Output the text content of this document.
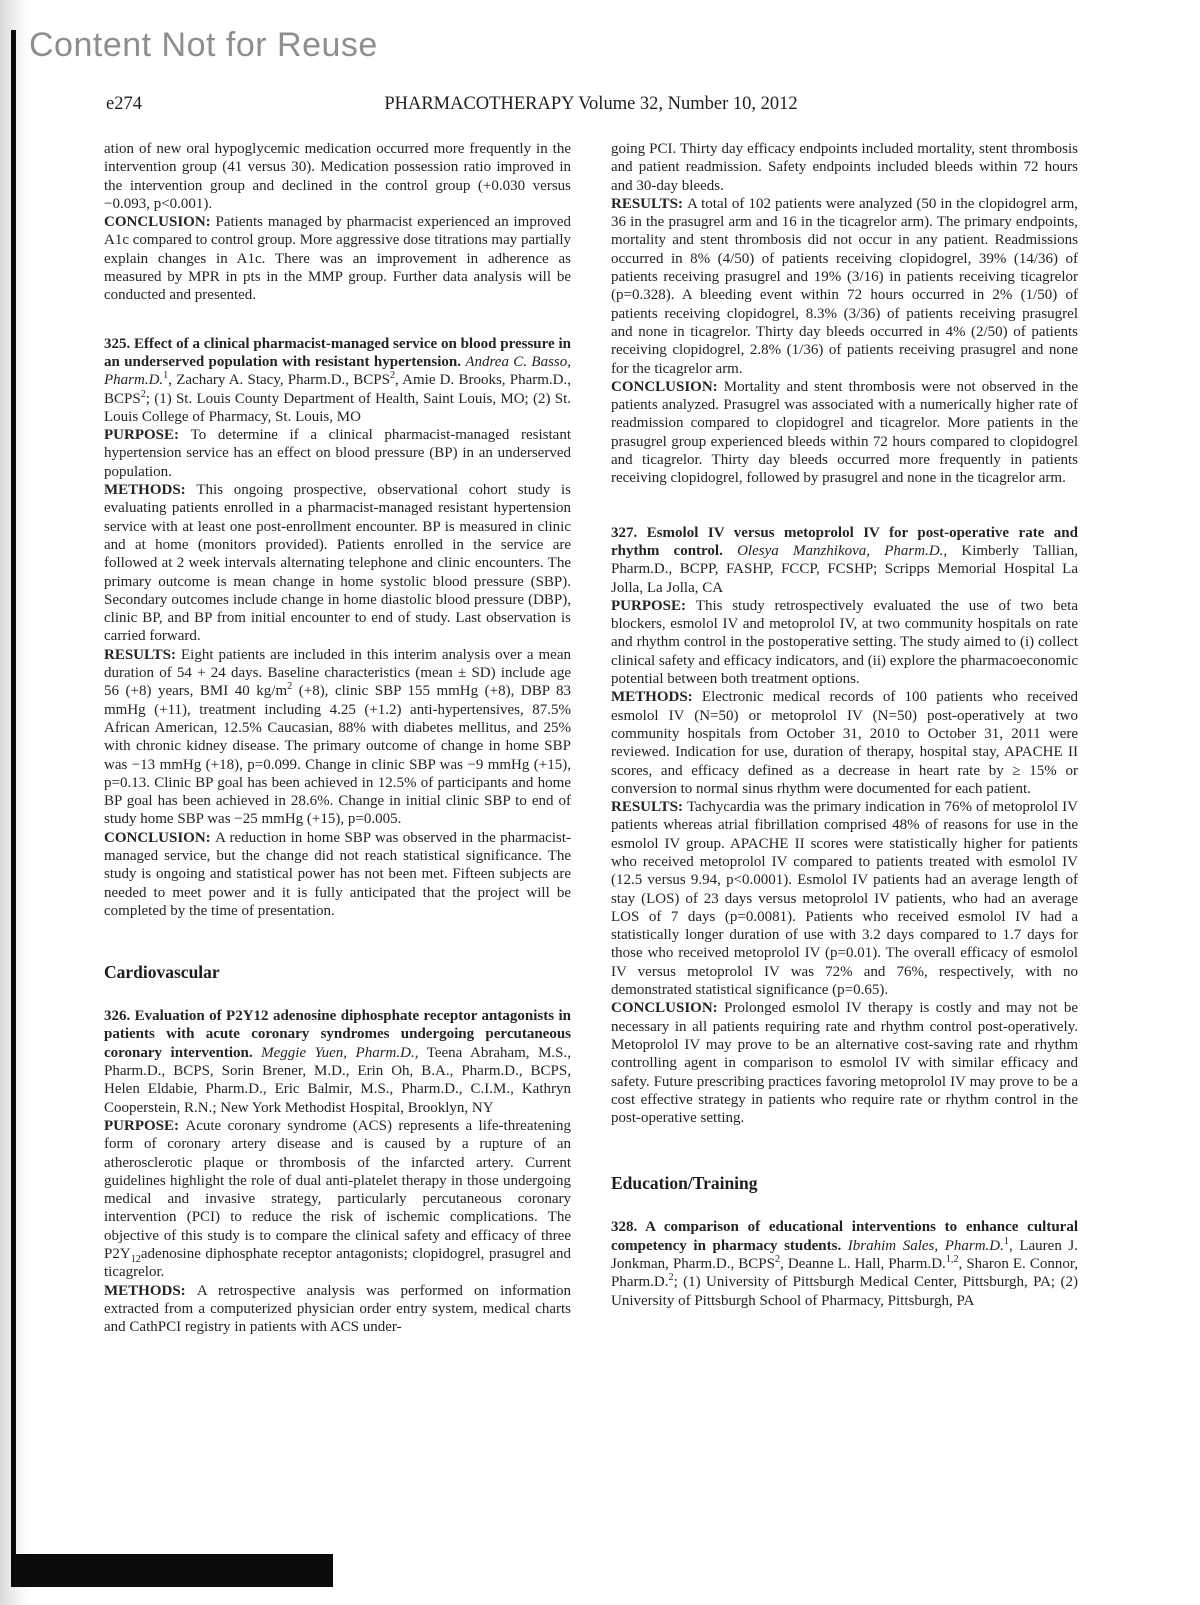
Content Not for Reuse
e274	PHARMACOTHERAPY Volume 32, Number 10, 2012

ation of new oral hypoglycemic medication occurred more frequently in the intervention group (41 versus 30). Medication possession ratio improved in the intervention group and declined in the control group (+0.030 versus −0.093, p<0.001).

CONCLUSION: Patients managed by pharmacist experienced an improved A1c compared to control group. More aggressive dose titrations may partially explain changes in A1c. There was an improvement in adherence as measured by MPR in pts in the MMP group. Further data analysis will be conducted and presented.

325. Effect of a clinical pharmacist-managed service on blood pressure in an underserved population with resistant hypertension. Andrea C. Basso, Pharm.D.$^1$, Zachary A. Stacy, Pharm.D., BCPS$^2$, Amie D. Brooks, Pharm.D., BCPS$^2$; (1) St. Louis County Department of Health, Saint Louis, MO; (2) St. Louis College of Pharmacy, St. Louis, MO

PURPOSE: To determine if a clinical pharmacist-managed resistant hypertension service has an effect on blood pressure (BP) in an underserved population.

METHODS: This ongoing prospective, observational cohort study is evaluating patients enrolled in a pharmacist-managed resistant hypertension service with at least one post-enrollment encounter. BP is measured in clinic and at home (monitors provided). Patients enrolled in the service are followed at 2 week intervals alternating telephone and clinic encounters. The primary outcome is mean change in home systolic blood pressure (SBP). Secondary outcomes include change in home diastolic blood pressure (DBP), clinic BP, and BP from initial encounter to end of study. Last observation is carried forward.

RESULTS: Eight patients are included in this interim analysis over a mean duration of 54 + 24 days. Baseline characteristics (mean ± SD) include age 56 (+8) years, BMI 40 $kg/m^2$ (+8), clinic SBP 155 mmHg (+8), DBP 83 mmHg (+11), treatment including 4.25 (+1.2) anti-hypertensives, 87.5% African American, 12.5% Caucasian, 88% with diabetes mellitus, and 25% with chronic kidney disease. The primary outcome of change in home SBP was −13 mmHg (+18), p=0.099. Change in clinic SBP was −9 mmHg (+15), p=0.13. Clinic BP goal has been achieved in 12.5% of participants and home BP goal has been achieved in 28.6%. Change in initial clinic SBP to end of study home SBP was −25 mmHg (+15), p=0.005.

CONCLUSION: A reduction in home SBP was observed in the pharmacist-managed service, but the change did not reach statistical significance. The study is ongoing and statistical power has not been met. Fifteen subjects are needed to meet power and it is fully anticipated that the project will be completed by the time of presentation.

Cardiovascular

326. Evaluation of P2Y12 adenosine diphosphate receptor antagonists in patients with acute coronary syndromes undergoing percutaneous coronary intervention. Meggie Yuen, Pharm.D., Teena Abraham, M.S., Pharm.D., BCPS, Sorin Brener, M.D., Erin Oh, B.A., Pharm.D., BCPS, Helen Eldabie, Pharm.D., Eric Balmir, M.S., Pharm.D., C.I.M., Kathryn Cooperstein, R.N.; New York Methodist Hospital, Brooklyn, NY

PURPOSE: Acute coronary syndrome (ACS) represents a life-threatening form of coronary artery disease and is caused by a rupture of an atherosclerotic plaque or thrombosis of the infarcted artery. Current guidelines highlight the role of dual anti-platelet therapy in those undergoing medical and invasive strategy, particularly percutaneous coronary intervention (PCI) to reduce the risk of ischemic complications. The objective of this study is to compare the clinical safety and efficacy of three $P2Y_{12}adenosine$ diphosphate receptor antagonists; clopidogrel, prasugrel and ticagrelor.

METHODS: A retrospective analysis was performed on information extracted from a computerized physician order entry system, medical charts and CathPCI registry in patients with ACS under-

going PCI. Thirty day efficacy endpoints included mortality, stent thrombosis and patient readmission. Safety endpoints included bleeds within 72 hours and 30-day bleeds.

RESULTS: A total of 102 patients were analyzed (50 in the clopidogrel arm, 36 in the prasugrel arm and 16 in the ticagrelor arm). The primary endpoints, mortality and stent thrombosis did not occur in any patient. Readmissions occurred in 8% (4/50) of patients receiving clopidogrel, 39% (14/36) of patients receiving prasugrel and 19% (3/16) in patients receiving ticagrelor (p=0.328). A bleeding event within 72 hours occurred in 2% (1/50) of patients receiving clopidogrel, 8.3% (3/36) of patients receiving prasugrel and none in ticagrelor. Thirty day bleeds occurred in 4% (2/50) of patients receiving clopidogrel, 2.8% (1/36) of patients receiving prasugrel and none for the ticagrelor arm.

CONCLUSION: Mortality and stent thrombosis were not observed in the patients analyzed. Prasugrel was associated with a numerically higher rate of readmission compared to clopidogrel and ticagrelor. More patients in the prasugrel group experienced bleeds within 72 hours compared to clopidogrel and ticagrelor. Thirty day bleeds occurred more frequently in patients receiving clopidogrel, followed by prasugrel and none in the ticagrelor arm.

327. Esmolol IV versus metoprolol IV for post-operative rate and rhythm control. Olesya Manzhikova, Pharm.D., Kimberly Tallian, Pharm.D., BCPP, FASHP, FCCP, FCSHP; Scripps Memorial Hospital La Jolla, La Jolla, CA

PURPOSE: This study retrospectively evaluated the use of two beta blockers, esmolol IV and metoprolol IV, at two community hospitals on rate and rhythm control in the postoperative setting. The study aimed to (i) collect clinical safety and efficacy indicators, and (ii) explore the pharmacoeconomic potential between both treatment options.

METHODS: Electronic medical records of 100 patients who received esmolol IV (N=50) or metoprolol IV (N=50) post-operatively at two community hospitals from October 31, 2010 to October 31, 2011 were reviewed. Indication for use, duration of therapy, hospital stay, APACHE II scores, and efficacy defined as a decrease in heart rate by ≥ 15% or conversion to normal sinus rhythm were documented for each patient.

RESULTS: Tachycardia was the primary indication in 76% of metoprolol IV patients whereas atrial fibrillation comprised 48% of reasons for use in the esmolol IV group. APACHE II scores were statistically higher for patients who received metoprolol IV compared to patients treated with esmolol IV (12.5 versus 9.94, p<0.0001). Esmolol IV patients had an average length of stay (LOS) of 23 days versus metoprolol IV patients, who had an average LOS of 7 days (p=0.0081). Patients who received esmolol IV had a statistically longer duration of use with 3.2 days compared to 1.7 days for those who received metoprolol IV (p=0.01). The overall efficacy of esmolol IV versus metoprolol IV was 72% and 76%, respectively, with no demonstrated statistical significance (p=0.65).

CONCLUSION: Prolonged esmolol IV therapy is costly and may not be necessary in all patients requiring rate and rhythm control post-operatively. Metoprolol IV may prove to be an alternative cost-saving rate and rhythm controlling agent in comparison to esmolol IV with similar efficacy and safety. Future prescribing practices favoring metoprolol IV may prove to be a cost effective strategy in patients who require rate or rhythm control in the post-operative setting.

Education/Training

328. A comparison of educational interventions to enhance cultural competency in pharmacy students. Ibrahim Sales, Pharm.D.$^1$, Lauren J. Jonkman, Pharm.D., BCPS$^2$, Deanne L. Hall, Pharm.D.$^{1,2}$, Sharon E. Connor, Pharm.D.$^2$; (1) University of Pittsburgh Medical Center, Pittsburgh, PA; (2) University of Pittsburgh School of Pharmacy, Pittsburgh, PA
